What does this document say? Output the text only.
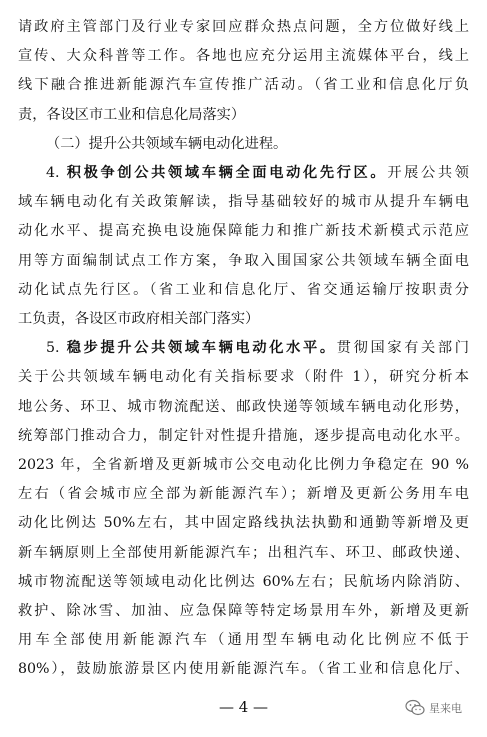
请政府主管部门及行业专家回应群众热点问题，全方位做好线上
宣传、大众科普等工作。各地也应充分运用主流媒体平台，线上
线下融合推进新能源汽车宣传推广活动。（省工业和信息化厅负
责，各设区市工业和信息化局落实）
（二）提升公共领域车辆电动化进程。
4. 积极争创公共领域车辆全面电动化先行区。开展公共领
域车辆电动化有关政策解读，指导基础较好的城市从提升车辆电
动化水平、提高充换电设施保障能力和推广新技术新模式示范应
用等方面编制试点工作方案，争取入围国家公共领域车辆全面电
动化试点先行区。（省工业和信息化厅、省交通运输厅按职责分
工负责，各设区市政府相关部门落实）
5. 稳步提升公共领域车辆电动化水平。贯彻国家有关部门
关于公共领域车辆电动化有关指标要求（附件 1），研究分析本
地公务、环卫、城市物流配送、邮政快递等领域车辆电动化形势，
统筹部门推动合力，制定针对性提升措施，逐步提高电动化水平。
2023 年，全省新增及更新城市公交电动化比例力争稳定在 90 %
左右（省会城市应全部为新能源汽车）；新增及更新公务用车电
动化比例达 50%左右，其中固定路线执法执勤和通勤等新增及更
新车辆原则上全部使用新能源汽车；出租汽车、环卫、邮政快递、
城市物流配送等领域电动化比例达 60%左右；民航场内除消防、
救护、除冰雪、加油、应急保障等特定场景用车外，新增及更新
用车全部使用新能源汽车（通用型车辆电动化比例应不低于
80%），鼓励旅游景区内使用新能源汽车。（省工业和信息化厅、
— 4 —	星来电
